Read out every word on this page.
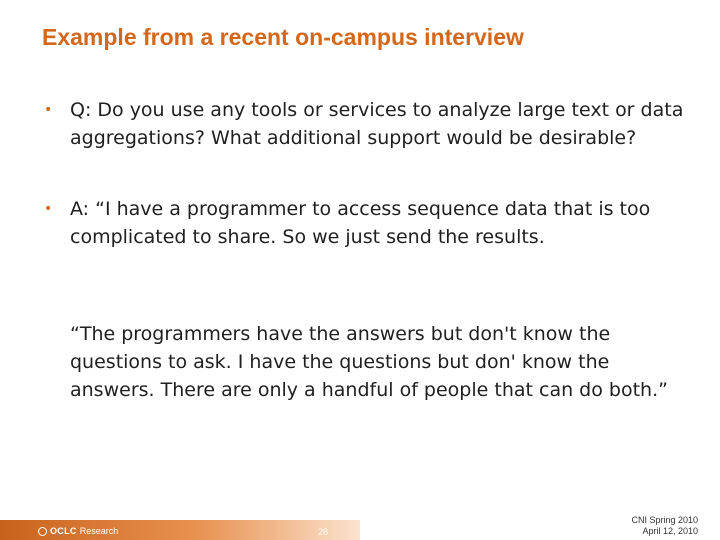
Example from a recent on-campus interview
• Q: Do you use any tools or services to analyze large text or data aggregations? What additional support would be desirable?
• A: “I have a programmer to access sequence data that is too complicated to share. So we just send the results.
“The programmers have the answers but don't know the questions to ask. I have the questions but don' know the answers. There are only a handful of people that can do both.”
OCLC Research	28
CNI Spring 2010
April 12, 2010
